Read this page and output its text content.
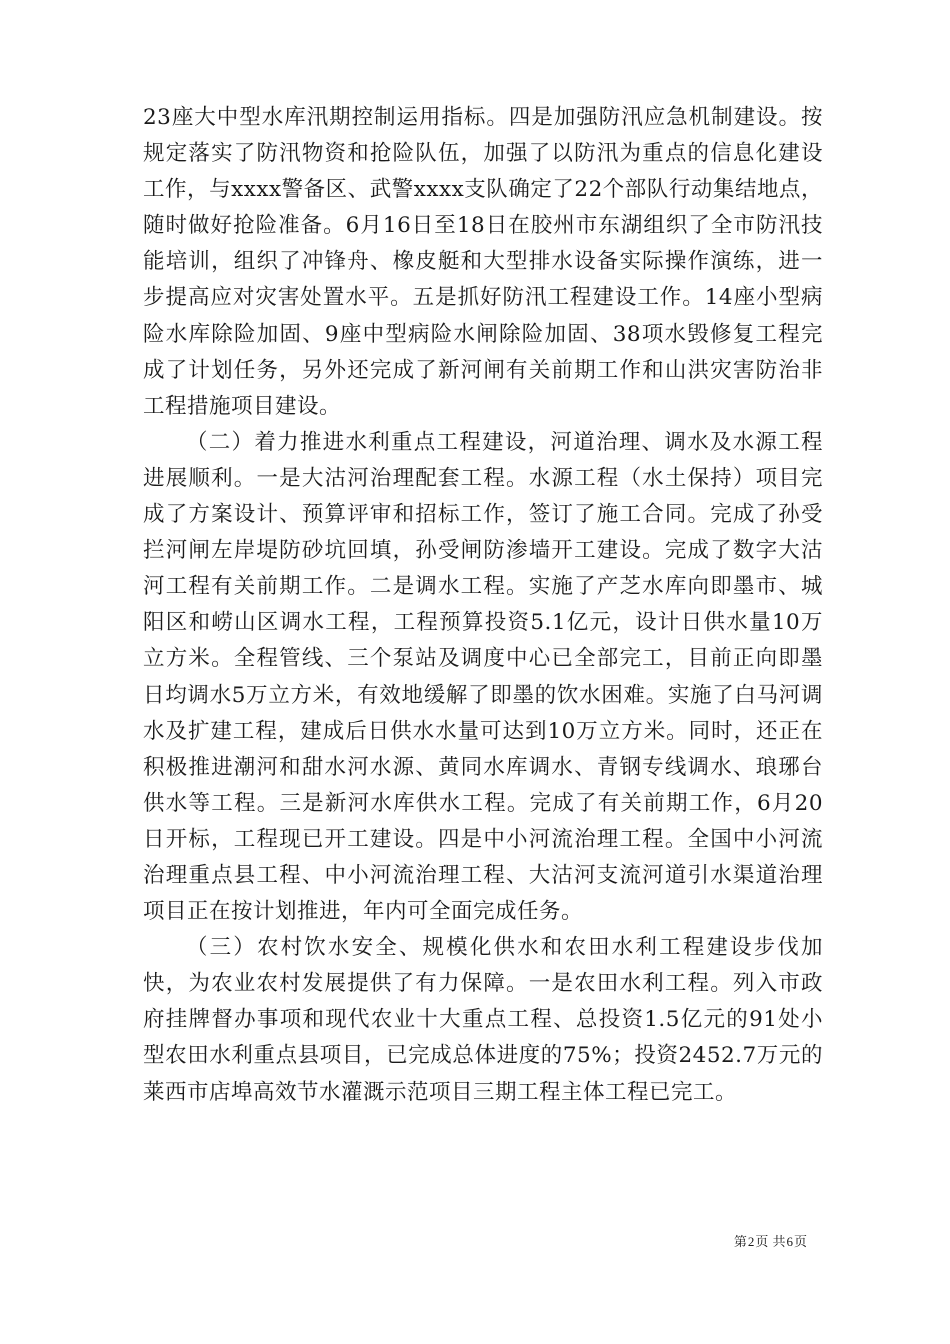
23座大中型水库汛期控制运用指标。四是加强防汛应急机制建设。按规定落实了防汛物资和抢险队伍，加强了以防汛为重点的信息化建设工作，与xxxx警备区、武警xxxx支队确定了22个部队行动集结地点，随时做好抢险准备。6月16日至18日在胶州市东湖组织了全市防汛技能培训，组织了冲锋舟、橡皮艇和大型排水设备实际操作演练，进一步提高应对灾害处置水平。五是抓好防汛工程建设工作。14座小型病险水库除险加固、9座中型病险水闸除险加固、38项水毁修复工程完成了计划任务，另外还完成了新河闸有关前期工作和山洪灾害防治非工程措施项目建设。

（二）着力推进水利重点工程建设，河道治理、调水及水源工程进展顺利。一是大沽河治理配套工程。水源工程（水土保持）项目完成了方案设计、预算评审和招标工作，签订了施工合同。完成了孙受拦河闸左岸堤防砂坑回填，孙受闸防渗墙开工建设。完成了数字大沽河工程有关前期工作。二是调水工程。实施了产芝水库向即墨市、城阳区和崂山区调水工程，工程预算投资5.1亿元，设计日供水量10万立方米。全程管线、三个泵站及调度中心已全部完工，目前正向即墨日均调水5万立方米，有效地缓解了即墨的饮水困难。实施了白马河调水及扩建工程，建成后日供水水量可达到10万立方米。同时，还正在积极推进潮河和甜水河水源、黄同水库调水、青钢专线调水、琅琊台供水等工程。三是新河水库供水工程。完成了有关前期工作，6月20日开标，工程现已开工建设。四是中小河流治理工程。全国中小河流治理重点县工程、中小河流治理工程、大沽河支流河道引水渠道治理项目正在按计划推进，年内可全面完成任务。

（三）农村饮水安全、规模化供水和农田水利工程建设步伐加快，为农业农村发展提供了有力保障。一是农田水利工程。列入市政府挂牌督办事项和现代农业十大重点工程、总投资1.5亿元的91处小型农田水利重点县项目，已完成总体进度的75%；投资2452.7万元的莱西市店埠高效节水灌溉示范项目三期工程主体工程已完工。

第2页 共6页
